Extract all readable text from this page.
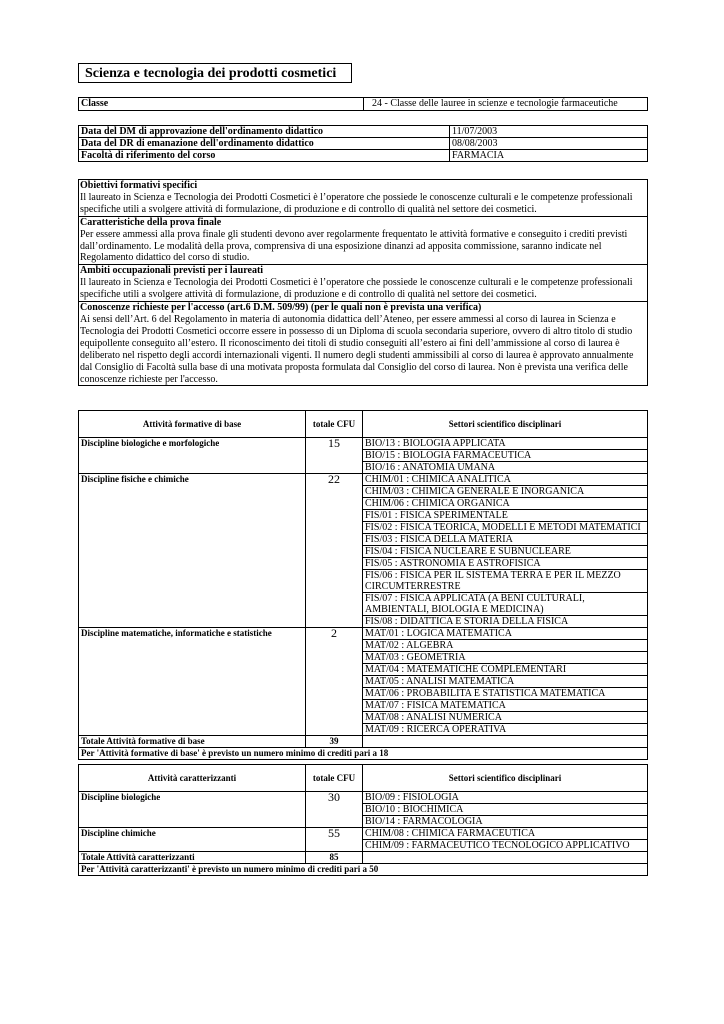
Scienza e tecnologia dei prodotti cosmetici
Classe	24 - Classe delle lauree in scienze e tecnologie farmaceutiche
Data del DM di approvazione dell'ordinamento didattico	11/07/2003
Data del DR di emanazione dell'ordinamento didattico	08/08/2003
Facoltà di riferimento del corso	FARMACIA
Obiettivi formativi specifici
Il laureato in Scienza e Tecnologia dei Prodotti Cosmetici è l’operatore che possiede le conoscenze culturali e le competenze professionali specifiche utili a svolgere attività di formulazione, di produzione e di controllo di qualità nel settore dei cosmetici.
Caratteristiche della prova finale
Per essere ammessi alla prova finale gli studenti devono aver regolarmente frequentato le attività formative e conseguito i crediti previsti dall’ordinamento. Le modalità della prova, comprensiva di una esposizione dinanzi ad apposita commissione, saranno indicate nel Regolamento didattico del corso di studio.
Ambiti occupazionali previsti per i laureati
Il laureato in Scienza e Tecnologia dei Prodotti Cosmetici è l’operatore che possiede le conoscenze culturali e le competenze professionali specifiche utili a svolgere attività di formulazione, di produzione e di controllo di qualità nel settore dei cosmetici.
Conoscenze richieste per l'accesso (art.6 D.M. 509/99) (per le quali non è prevista una verifica)
Ai sensi dell’Art. 6 del Regolamento in materia di autonomia didattica dell’Ateneo, per essere ammessi al corso di laurea in Scienza e Tecnologia dei Prodotti Cosmetici occorre essere in possesso di un Diploma di scuola secondaria superiore, ovvero di altro titolo di studio equipollente conseguito all’estero. Il riconoscimento dei titoli di studio conseguiti all’estero ai fini dell’ammissione al corso di laurea è deliberato nel rispetto degli accordi internazionali vigenti. Il numero degli studenti ammissibili al corso di laurea è approvato annualmente dal Consiglio di Facoltà sulla base di una motivata proposta formulata dal Consiglio del corso di laurea. Non è prevista una verifica delle conoscenze richieste per l'accesso.
Attività formative di base	totale CFU	Settori scientifico disciplinari
Discipline biologiche e morfologiche	15	BIO/13 : BIOLOGIA APPLICATA
		BIO/15 : BIOLOGIA FARMACEUTICA
		BIO/16 : ANATOMIA UMANA
Discipline fisiche e chimiche	22	CHIM/01 : CHIMICA ANALITICA
		CHIM/03 : CHIMICA GENERALE E INORGANICA
		CHIM/06 : CHIMICA ORGANICA
		FIS/01 : FISICA SPERIMENTALE
		FIS/02 : FISICA TEORICA, MODELLI E METODI MATEMATICI
		FIS/03 : FISICA DELLA MATERIA
		FIS/04 : FISICA NUCLEARE E SUBNUCLEARE
		FIS/05 : ASTRONOMIA E ASTROFISICA
		FIS/06 : FISICA PER IL SISTEMA TERRA E PER IL MEZZO CIRCUMTERRESTRE
		FIS/07 : FISICA APPLICATA (A BENI CULTURALI, AMBIENTALI, BIOLOGIA E MEDICINA)
		FIS/08 : DIDATTICA E STORIA DELLA FISICA
Discipline matematiche, informatiche e statistiche	2	MAT/01 : LOGICA MATEMATICA
		MAT/02 : ALGEBRA
		MAT/03 : GEOMETRIA
		MAT/04 : MATEMATICHE COMPLEMENTARI
		MAT/05 : ANALISI MATEMATICA
		MAT/06 : PROBABILITA E STATISTICA MATEMATICA
		MAT/07 : FISICA MATEMATICA
		MAT/08 : ANALISI NUMERICA
		MAT/09 : RICERCA OPERATIVA
Totale Attività formative di base	39	
Per 'Attività formative di base' è previsto un numero minimo di crediti pari a 18		
Attività caratterizzanti	totale CFU	Settori scientifico disciplinari
Discipline biologiche	30	BIO/09 : FISIOLOGIA
		BIO/10 : BIOCHIMICA
		BIO/14 : FARMACOLOGIA
Discipline chimiche	55	CHIM/08 : CHIMICA FARMACEUTICA
		CHIM/09 : FARMACEUTICO TECNOLOGICO APPLICATIVO
Totale Attività caratterizzanti	85	
Per 'Attività caratterizzanti' è previsto un numero minimo di crediti pari a 50		
